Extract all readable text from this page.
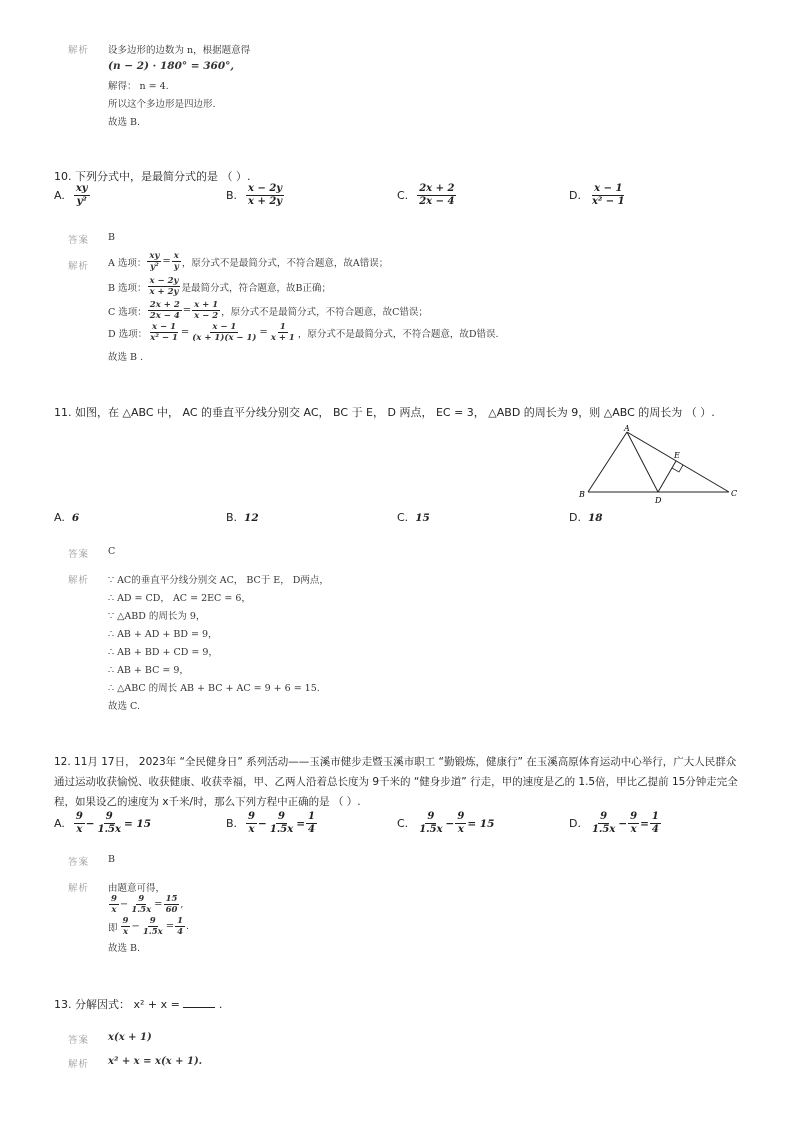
解析 设多边形的边数为 n，根据题意得
(n − 2) · 180° = 360°,
解得： n = 4.
所以这个多边形是四边形.
故选 B.
10. 下列分式中，是最简分式的是 （ ）.
A. $\frac{xy}{\text{y²}}$	B. $\frac{x - 2y}{x + 2y}$	C. $\frac{2x + 2}{2x - 4}$	D. $\frac{x - 1}{\text{x² − 1}}$
答案 B
解析 A 选项： $\frac{xy}{\text{y²}} = \frac{x}{y}$ ，原分式不是最简分式，不符合题意，故A错误；
B 选项： $\frac{x - 2y}{x + 2y}$ 是最简分式，符合题意，故B正确；
C 选项： $\frac{2x + 2}{2x - 4} = \frac{x + 1}{x - 2}$ ，原分式不是最简分式，不符合题意，故C错误；
D 选项： $\frac{x - 1}{\text{x² − 1}} = \frac{x - 1}{(x + 1)(x - 1)} = \frac{1}{x + 1}$ ，原分式不是最简分式，不符合题意，故D错误.
故选 B .
11. 如图，在 △ABC 中， AC 的垂直平分线分别交 AC， BC 于 E， D 两点， EC = 3， △ABD 的周长为 9，则 △ABC 的周长为 （ ）.
A
B	C
D
E
A. 6	B. 12	C. 15	D. 18
答案 C
解析 ∵ AC的垂直平分线分别交 AC， BC于 E， D两点，
∴ AD = CD， AC = 2EC = 6，
∵ △ABD 的周长为 9，
∴ AB + AD + BD = 9，
∴ AB + BD + CD = 9，
∴ AB + BC = 9，
∴ △ABC 的周长 AB + BC + AC = 9 + 6 = 15.
故选 C.
12. 11月 17日， 2023年 “全民健身日” 系列活动——玉溪市健步走暨玉溪市职工 “勤锻炼，健康行” 在玉溪高原体育运动中心举行，广大人民群众
通过运动收获愉悦、收获健康、收获幸福，甲、乙两人沿着总长度为 9千米的 “健身步道” 行走，甲的速度是乙的 1.5倍，甲比乙提前 15分钟走完全
程，如果设乙的速度为 x千米/时，那么下列方程中正确的是 （ ）.
A. $\frac{9}{x} - \frac{9}{1.5x} = 15$	B. $\frac{9}{x} - \frac{9}{1.5x} = \frac{1}{4}$	C. $\frac{9}{1.5x} - \frac{9}{x} = 15$	D. $\frac{9}{1.5x} - \frac{9}{x} = \frac{1}{4}$
答案 B
解析 由题意可得，
$\frac{9}{x} - \frac{9}{1.5x} = \frac{15}{60}$ ,
即 $\frac{9}{x} - \frac{9}{1.5x} = \frac{1}{4}$ .
故选 B.
13. 分解因式： x² + x =	.
答案 x(x + 1)
解析 x² + x = x(x + 1).
